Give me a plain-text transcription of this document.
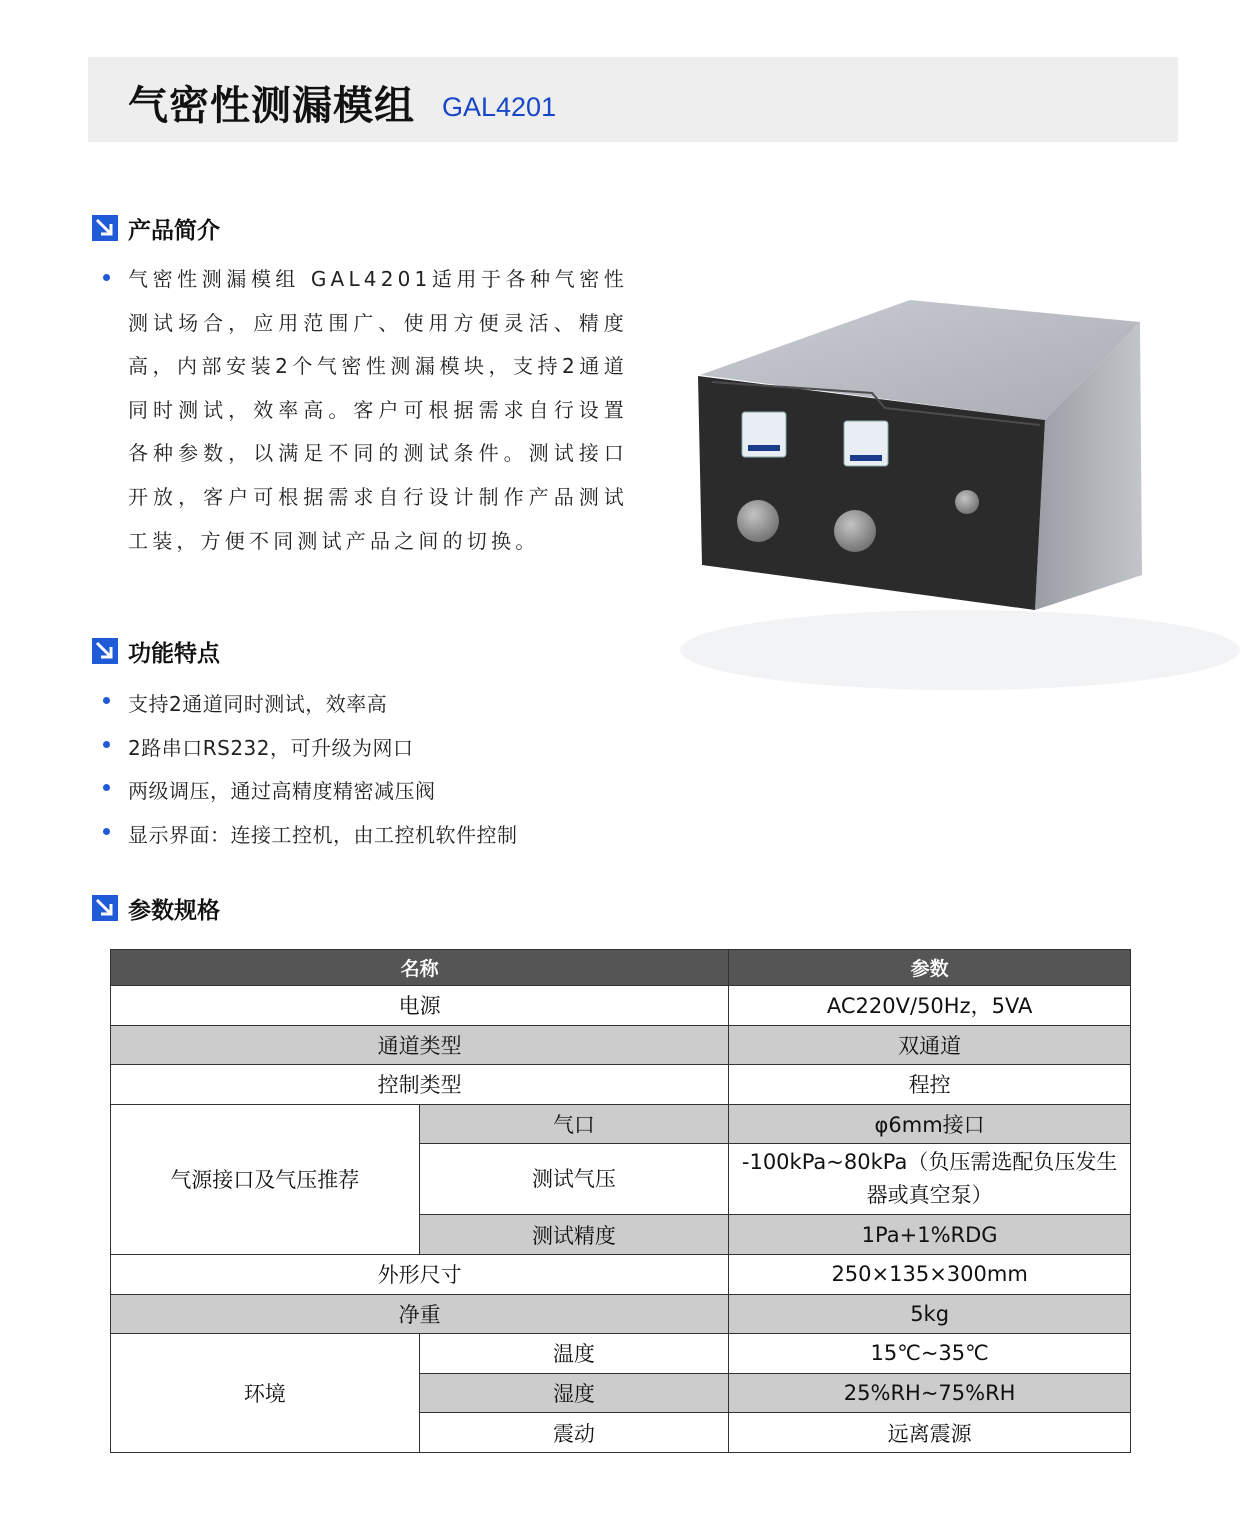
气密性测漏模组 GAL4201
产品简介
气密性测漏模组 GAL4201适用于各种气密性测试场合，应用范围广、使用方便灵活、精度高，内部安装2个气密性测漏模块，支持2通道同时测试，效率高。客户可根据需求自行设置各种参数，以满足不同的测试条件。测试接口开放，客户可根据需求自行设计制作产品测试工装，方便不同测试产品之间的切换。
功能特点
支持2通道同时测试，效率高
2路串口RS232，可升级为网口
两级调压，通过高精度精密减压阀
显示界面：连接工控机，由工控机软件控制
参数规格
名称		参数
电源		AC220V/50Hz，5VA
通道类型		双通道
控制类型		程控
气源接口及气压推荐	气口	φ6mm接口
	测试气压	-100kPa~80kPa（负压需选配负压发生器或真空泵）
	测试精度	1Pa+1%RDG
外形尺寸		250×135×300mm
净重		5kg
环境	温度	15℃~35℃
	湿度	25%RH~75%RH
	震动	远离震源
